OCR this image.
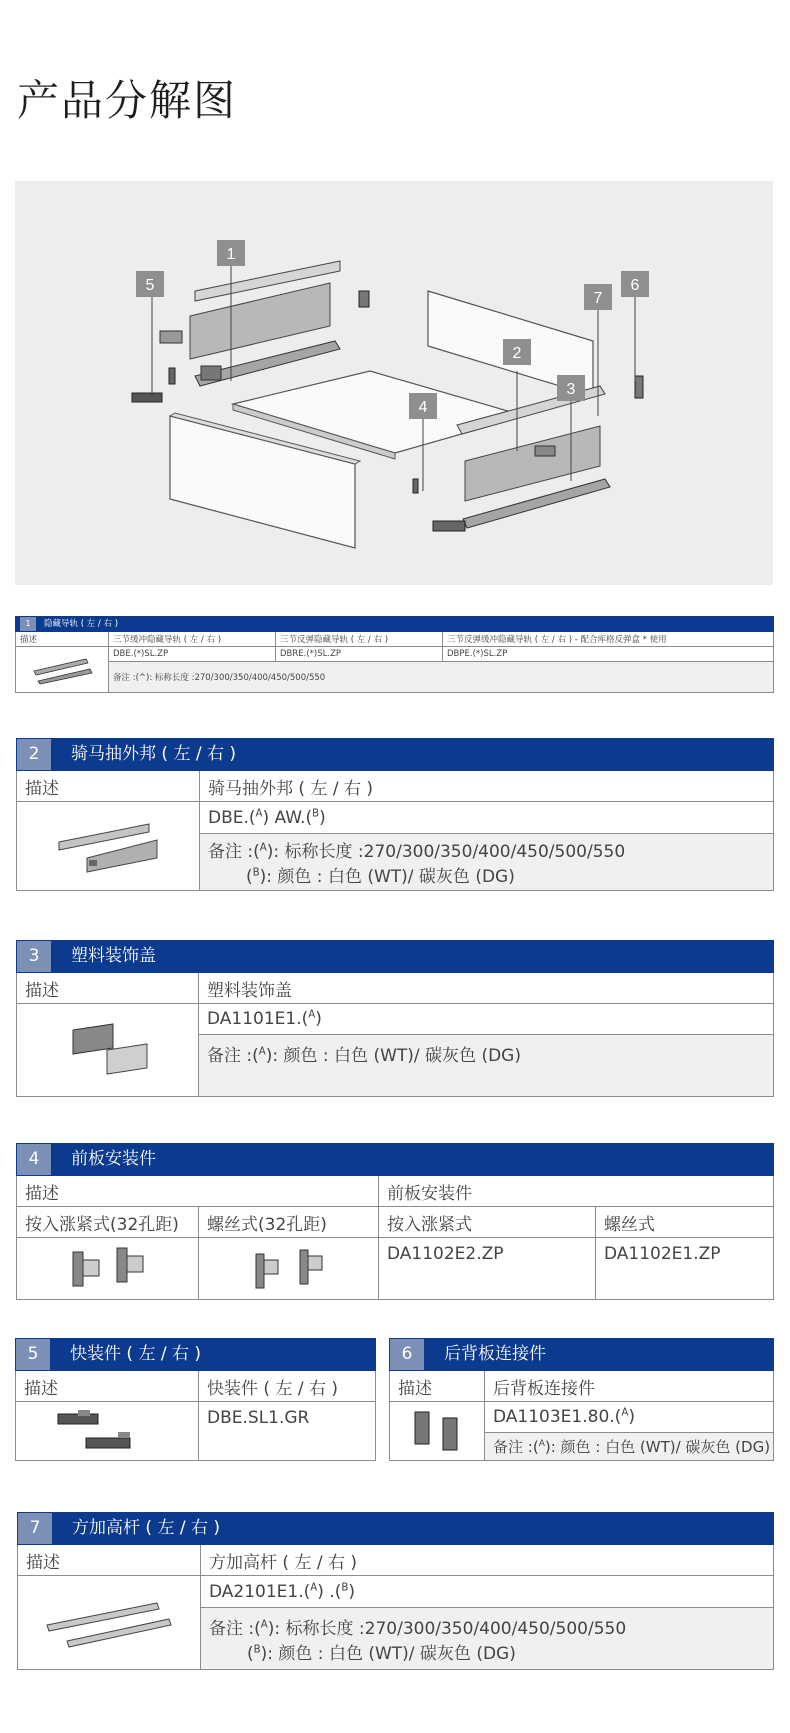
产品分解图
1
2
3
4
5	6
7
1 隐藏导轨 ( 左 / 右 )			
描述	三节缓冲隐藏导轨 ( 左 / 右 )	三节反弹隐藏导轨 ( 左 / 右 )	三节反弹缓冲隐藏导轨 ( 左 / 右 ) - 配合库格反弹盒 * 使用
	DBE.(*)SL.ZP	DBRE.(*)SL.ZP	DBPE.(*)SL.ZP
	备注 :(^): 标称长度 :270/300/350/400/450/500/550		
2 骑马抽外邦 ( 左 / 右 )	
描述	骑马抽外邦 ( 左 / 右 )
	DBE.($^A$) AW.($^B$)
	备注 :($^A$): 标称长度 :270/300/350/400/450/500/550
($^B$): 颜色 : 白色 (WT)/ 碳灰色 (DG)
3 塑料装饰盖	
描述	塑料装饰盖
	DA1101E1.($^A$)
	备注 :($^A$): 颜色 : 白色 (WT)/ 碳灰色 (DG)
4 前板安装件			
描述		前板安装件	
按入涨紧式(32孔距)	螺丝式(32孔距)	按入涨紧式	螺丝式
		DA1102E2.ZP	DA1102E1.ZP
5 快装件 ( 左 / 右 )	
描述	快装件 ( 左 / 右 )
	DBE.SL1.GR
6 后背板连接件	
描述	后背板连接件
	DA1103E1.80.($^A$)
	备注 :($^A$): 颜色 : 白色 (WT)/ 碳灰色 (DG)
7 方加高杆 ( 左 / 右 )	
描述	方加高杆 ( 左 / 右 )
	DA2101E1.($^A$) .($^B$)
	备注 :($^A$): 标称长度 :270/300/350/400/450/500/550
($^B$): 颜色 : 白色 (WT)/ 碳灰色 (DG)
